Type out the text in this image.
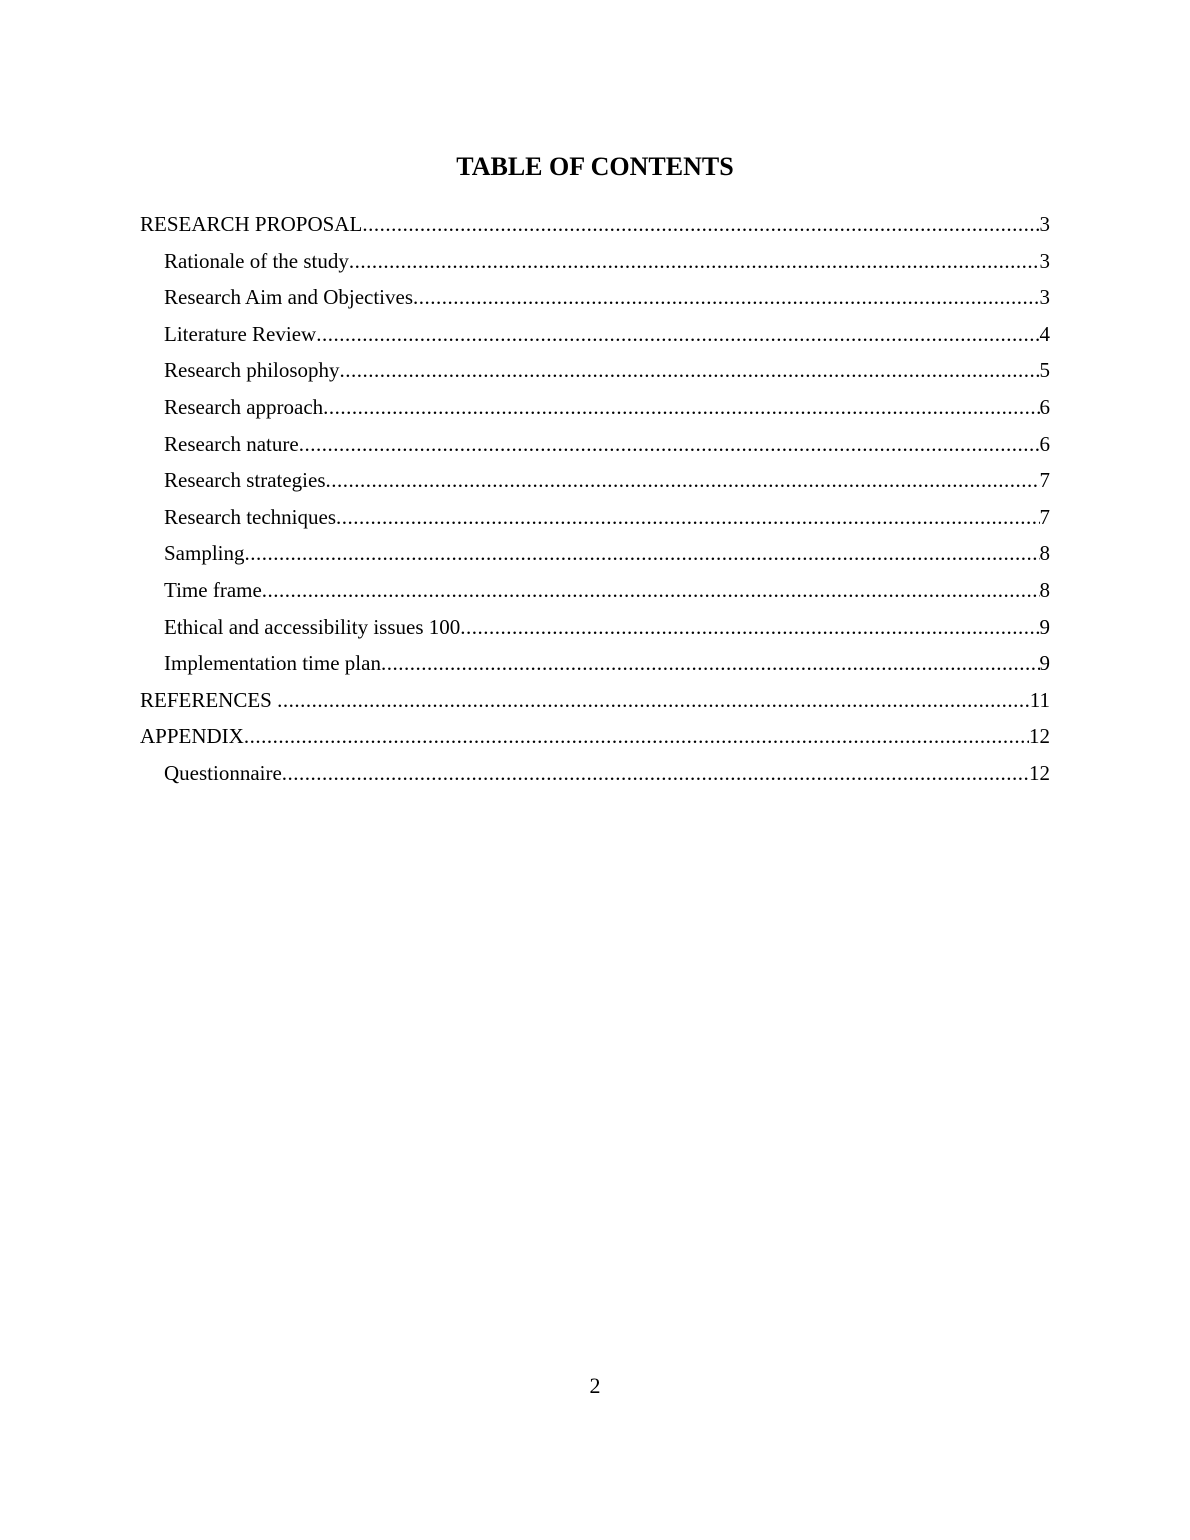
TABLE OF CONTENTS
RESEARCH PROPOSAL .....	3
Rationale of the study .....	3
Research Aim and Objectives .....	3
Literature Review .....	4
Research philosophy .....	5
Research approach .....	6
Research nature .....	6
Research strategies .....	7
Research techniques .....	7
Sampling .....	8
Time frame .....	8
Ethical and accessibility issues 100 .....	9
Implementation time plan .....	9
REFERENCES .....	11
APPENDIX .....	12
Questionnaire .....	12
2
